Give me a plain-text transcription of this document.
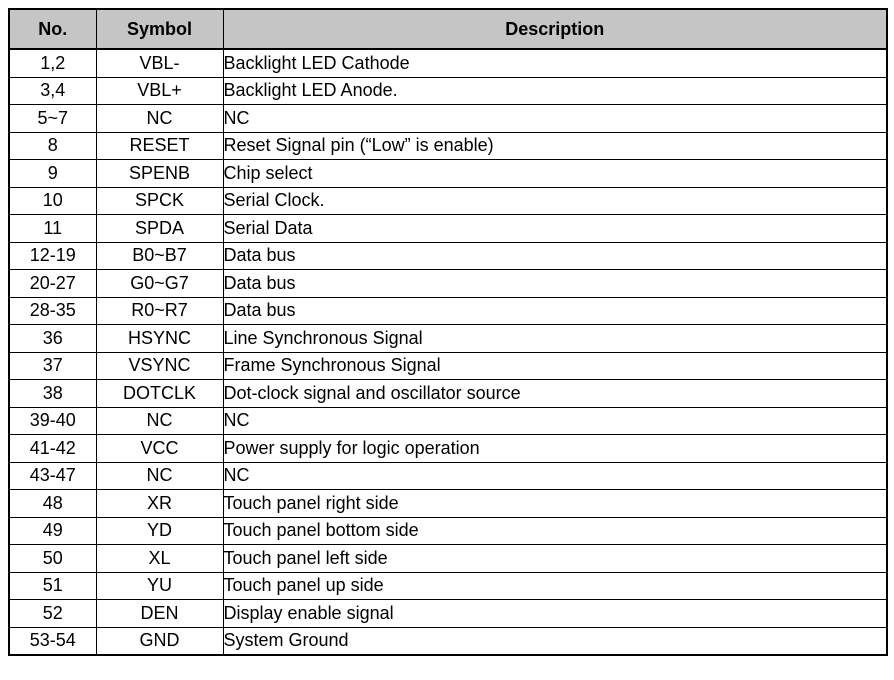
No.	Symbol	Description
1,2	VBL-	Backlight LED Cathode
3,4	VBL+	Backlight LED Anode.
5~7	NC	NC
8	RESET	Reset Signal pin (“Low” is enable)
9	SPENB	Chip select
10	SPCK	Serial Clock.
11	SPDA	Serial Data
12-19	B0~B7	Data bus
20-27	G0~G7	Data bus
28-35	R0~R7	Data bus
36	HSYNC	Line Synchronous Signal
37	VSYNC	Frame Synchronous Signal
38	DOTCLK	Dot-clock signal and oscillator source
39-40	NC	NC
41-42	VCC	Power supply for logic operation
43-47	NC	NC
48	XR	Touch panel right side
49	YD	Touch panel bottom side
50	XL	Touch panel left side
51	YU	Touch panel up side
52	DEN	Display enable signal
53-54	GND	System Ground
